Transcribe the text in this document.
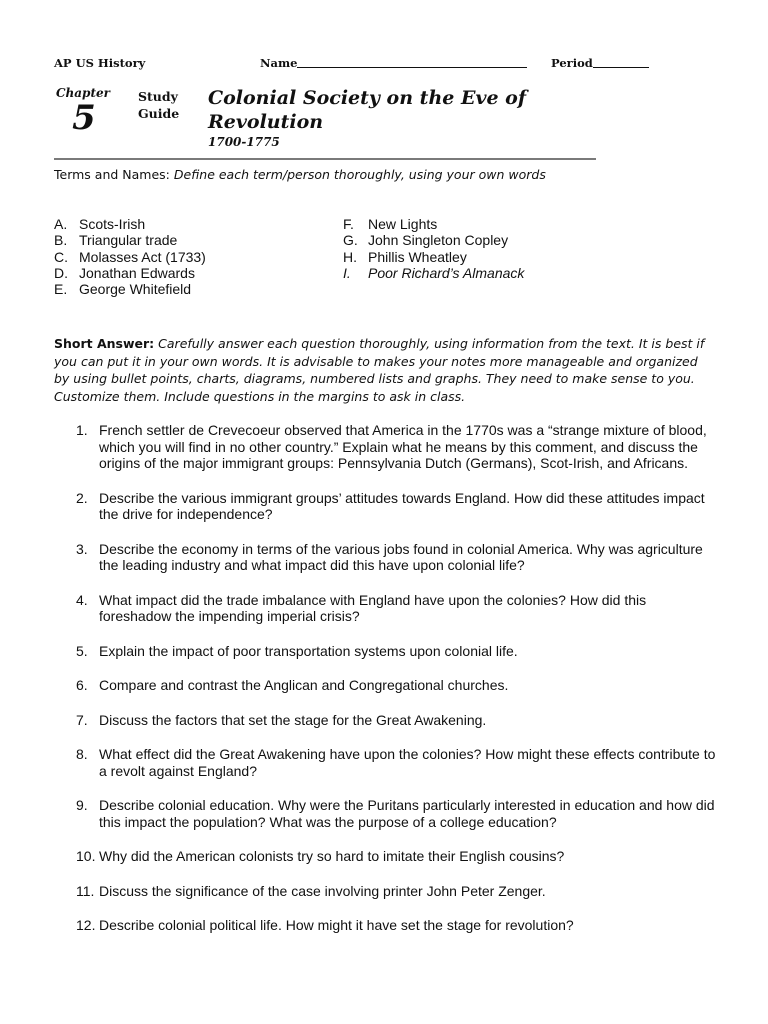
AP US History	Name	Period
Chapter
5
Study
Guide
Colonial Society on the Eve of
Revolution
1700-1775
Terms and Names: Define each term/person thoroughly, using your own words
A. Scots-Irish
B. Triangular trade
C. Molasses Act (1733)
D. Jonathan Edwards
E. George Whitefield
F. New Lights
G. John Singleton Copley
H. Phillis Wheatley
I. Poor Richard’s Almanack
Short Answer: Carefully answer each question thoroughly, using information from the text. It is best if you can put it in your own words. It is advisable to makes your notes more manageable and organized by using bullet points, charts, diagrams, numbered lists and graphs. They need to make sense to you. Customize them. Include questions in the margins to ask in class.
1. French settler de Crevecoeur observed that America in the 1770s was a “strange mixture of blood, which you will find in no other country.” Explain what he means by this comment, and discuss the origins of the major immigrant groups: Pennsylvania Dutch (Germans), Scot-Irish, and Africans.
2. Describe the various immigrant groups’ attitudes towards England. How did these attitudes impact the drive for independence?
3. Describe the economy in terms of the various jobs found in colonial America. Why was agriculture the leading industry and what impact did this have upon colonial life?
4. What impact did the trade imbalance with England have upon the colonies? How did this foreshadow the impending imperial crisis?
5. Explain the impact of poor transportation systems upon colonial life.
6. Compare and contrast the Anglican and Congregational churches.
7. Discuss the factors that set the stage for the Great Awakening.
8. What effect did the Great Awakening have upon the colonies? How might these effects contribute to a revolt against England?
9. Describe colonial education. Why were the Puritans particularly interested in education and how did this impact the population? What was the purpose of a college education?
10. Why did the American colonists try so hard to imitate their English cousins?
11. Discuss the significance of the case involving printer John Peter Zenger.
12. Describe colonial political life. How might it have set the stage for revolution?
